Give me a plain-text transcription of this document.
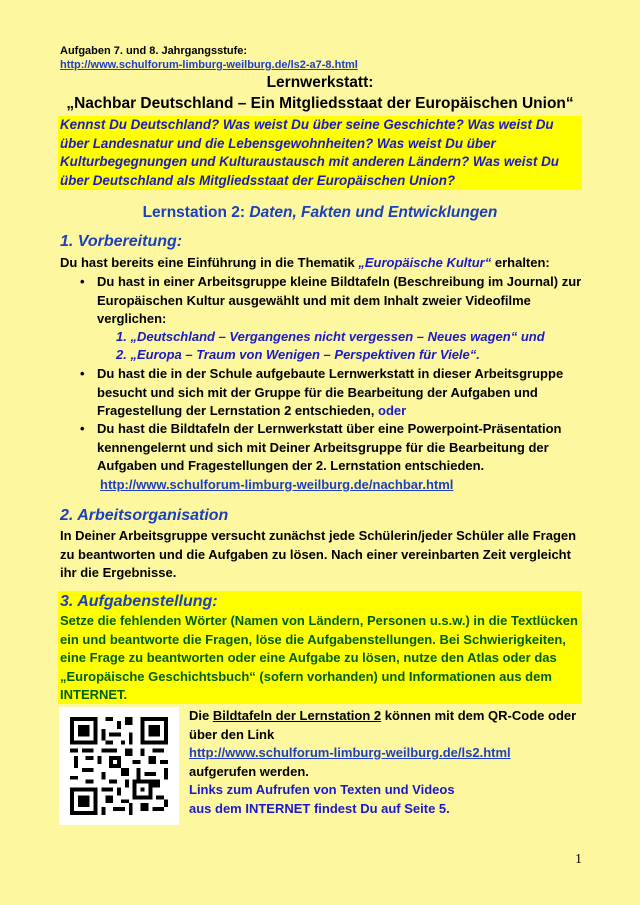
Aufgaben 7. und 8. Jahrgangsstufe:
http://www.schulforum-limburg-weilburg.de/ls2-a7-8.html
Lernwerkstatt:
„Nachbar Deutschland – Ein Mitgliedsstaat der Europäischen Union“
Kennst Du Deutschland? Was weist Du über seine Geschichte? Was weist Du über Landesnatur und die Lebensgewohnheiten? Was weist Du über Kulturbegegnungen und Kulturaustausch mit anderen Ländern? Was weist Du über Deutschland als Mitgliedsstaat der Europäischen Union?
Lernstation 2: Daten, Fakten und Entwicklungen
1. Vorbereitung:
Du hast bereits eine Einführung in die Thematik „Europäische Kultur“ erhalten:
• Du hast in einer Arbeitsgruppe kleine Bildtafeln (Beschreibung im Journal) zur Europäischen Kultur ausgewählt und mit dem Inhalt zweier Videofilme verglichen:
1. „Deutschland – Vergangenes nicht vergessen – Neues wagen“ und
2. „Europa – Traum von Wenigen – Perspektiven für Viele“.
• Du hast die in der Schule aufgebaute Lernwerkstatt in dieser Arbeitsgruppe besucht und sich mit der Gruppe für die Bearbeitung der Aufgaben und Fragestellung der Lernstation 2 entschieden, oder
• Du hast die Bildtafeln der Lernwerkstatt über eine Powerpoint-Präsentation kennengelernt und sich mit Deiner Arbeitsgruppe für die Bearbeitung der Aufgaben und Fragestellungen der 2. Lernstation entschieden.
http://www.schulforum-limburg-weilburg.de/nachbar.html
2. Arbeitsorganisation
In Deiner Arbeitsgruppe versucht zunächst jede Schülerin/jeder Schüler alle Fragen zu beantworten und die Aufgaben zu lösen. Nach einer vereinbarten Zeit vergleicht ihr die Ergebnisse.
3. Aufgabenstellung:
Setze die fehlenden Wörter (Namen von Ländern, Personen u.s.w.) in die Textlücken ein und beantworte die Fragen, löse die Aufgabenstellungen. Bei Schwierigkeiten, eine Frage zu beantworten oder eine Aufgabe zu lösen, nutze den Atlas oder das „Europäische Geschichtsbuch“ (sofern vorhanden) und Informationen aus dem INTERNET.
Die Bildtafeln der Lernstation 2 können mit dem QR-Code oder über den Link
http://www.schulforum-limburg-weilburg.de/ls2.html
aufgerufen werden.
Links zum Aufrufen von Texten und Videos
aus dem INTERNET findest Du auf Seite 5.
1
